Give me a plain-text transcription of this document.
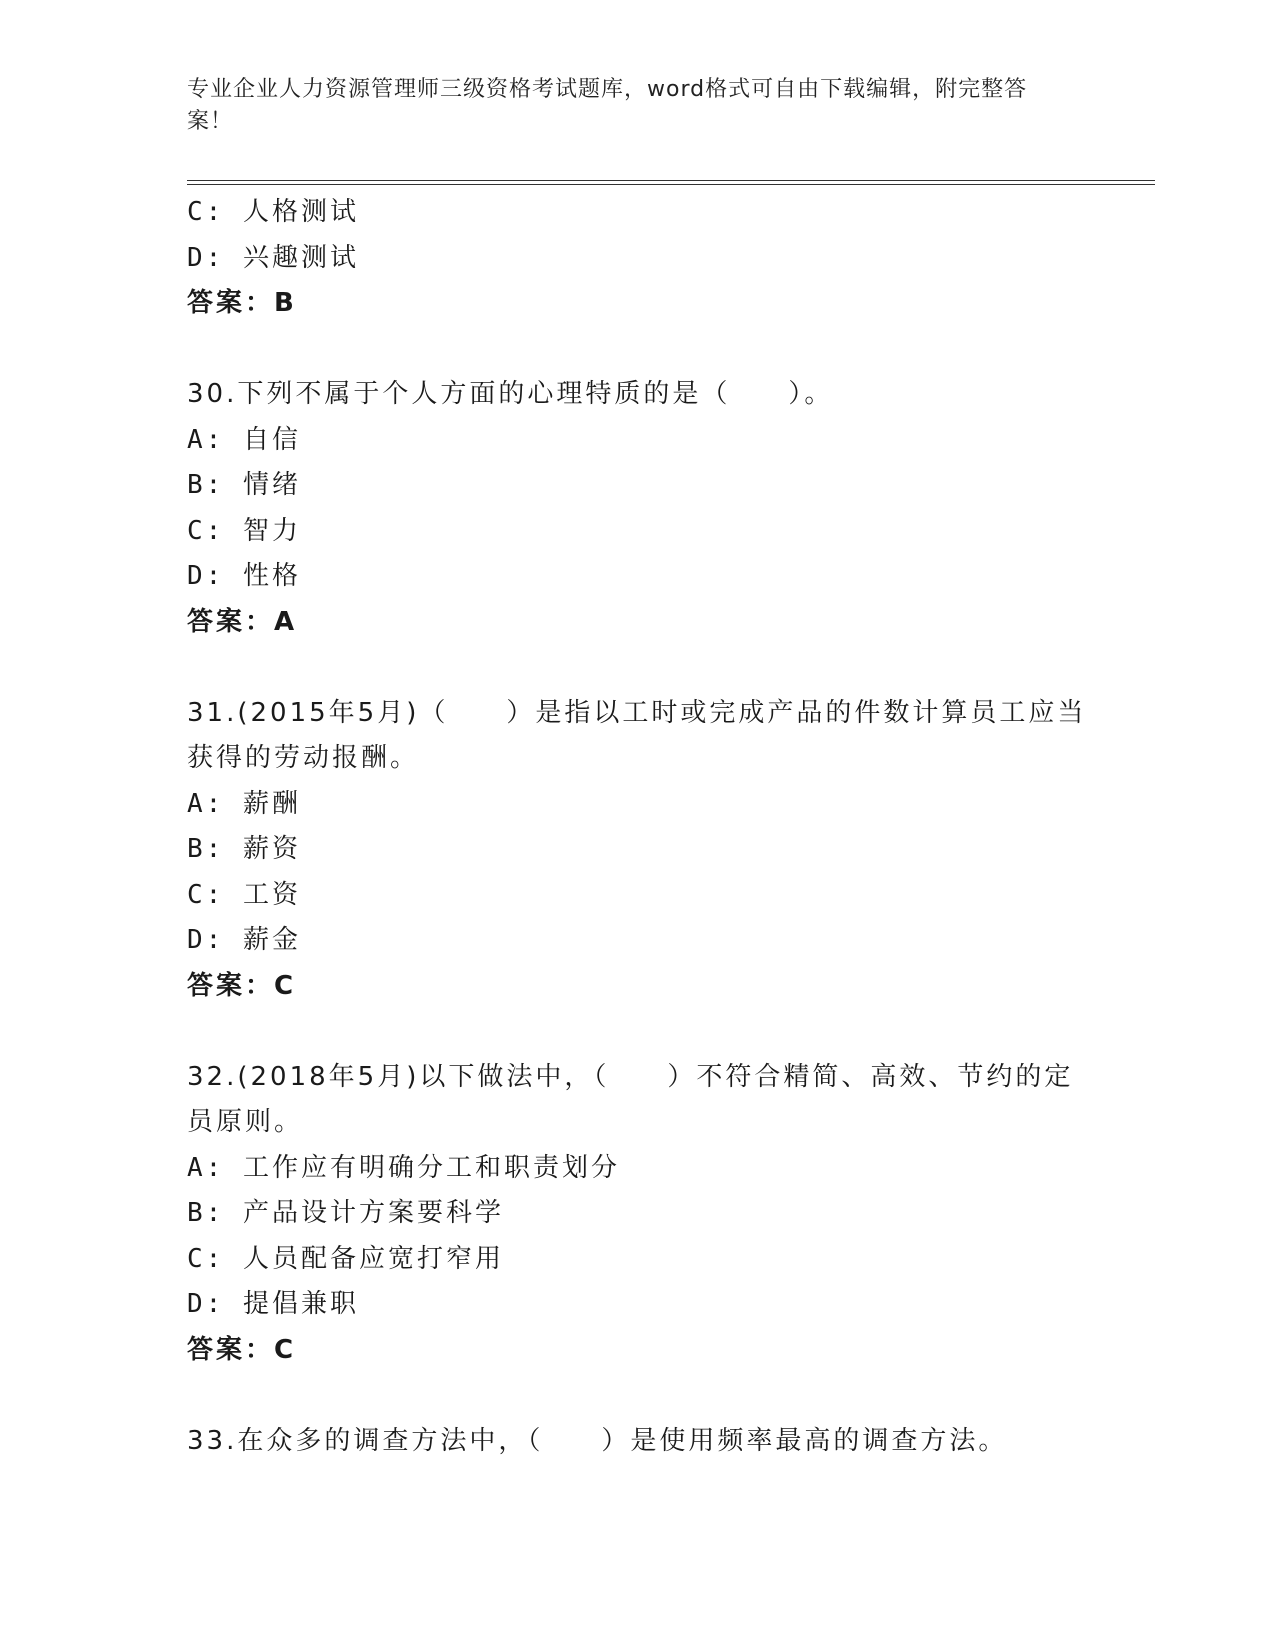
专业企业人力资源管理师三级资格考试题库，word格式可自由下载编辑，附完整答案！
C: 人格测试
D: 兴趣测试
答案：B
30.下列不属于个人方面的心理特质的是（　　）。
A: 自信
B: 情绪
C: 智力
D: 性格
答案：A
31.(2015年5月)（　　）是指以工时或完成产品的件数计算员工应当
获得的劳动报酬。
A: 薪酬
B: 薪资
C: 工资
D: 薪金
答案：C
32.(2018年5月)以下做法中，（　　）不符合精简、高效、节约的定
员原则。
A: 工作应有明确分工和职责划分
B: 产品设计方案要科学
C: 人员配备应宽打窄用
D: 提倡兼职
答案：C
33.在众多的调查方法中，（　　）是使用频率最高的调查方法。
